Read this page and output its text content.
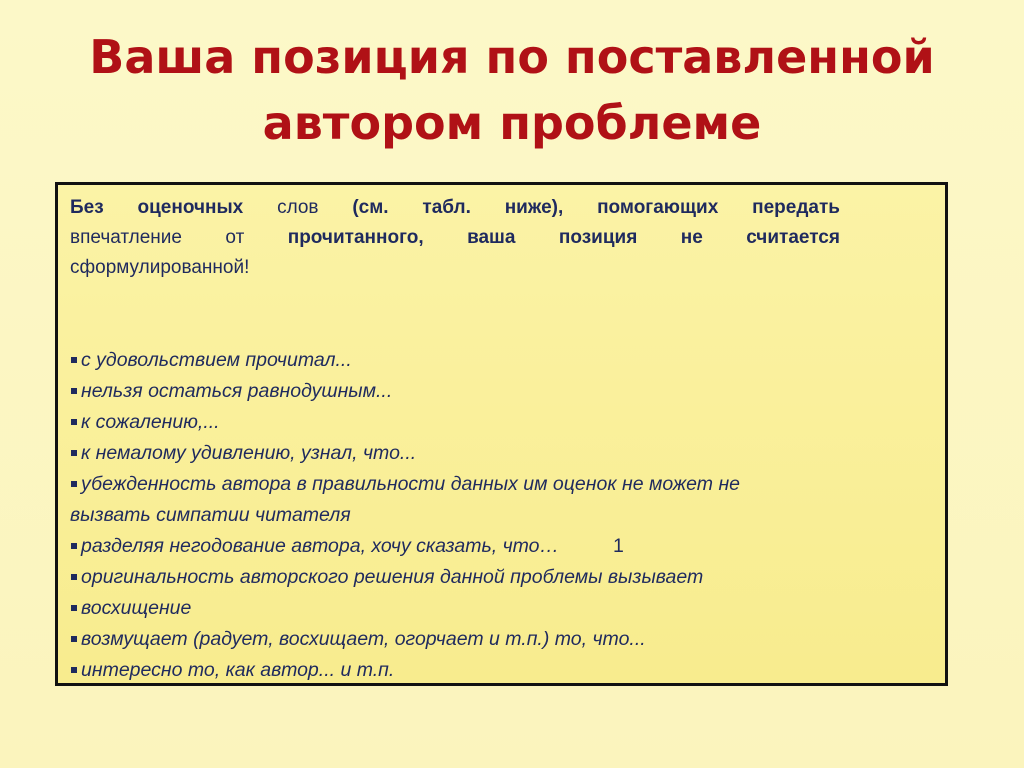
Ваша позиция по поставленной
автором проблеме
Без оценочных слов (см. табл. ниже), помогающих передать
впечатление от прочитанного, ваша позиция не считается
сформулированной!
с удовольствием прочитал...
нельзя остаться равнодушным...
к сожалению,...
к немалому удивлению, узнал, что...
убежденность автора в правильности данных им оценок не может не
вызвать симпатии читателя
разделяя негодование автора, хочу сказать, что…	1
оригинальность авторского решения данной проблемы вызывает
восхищение
возмущает (радует, восхищает, огорчает и т.п.) то, что...
интересно то, как автор... и т.п.
